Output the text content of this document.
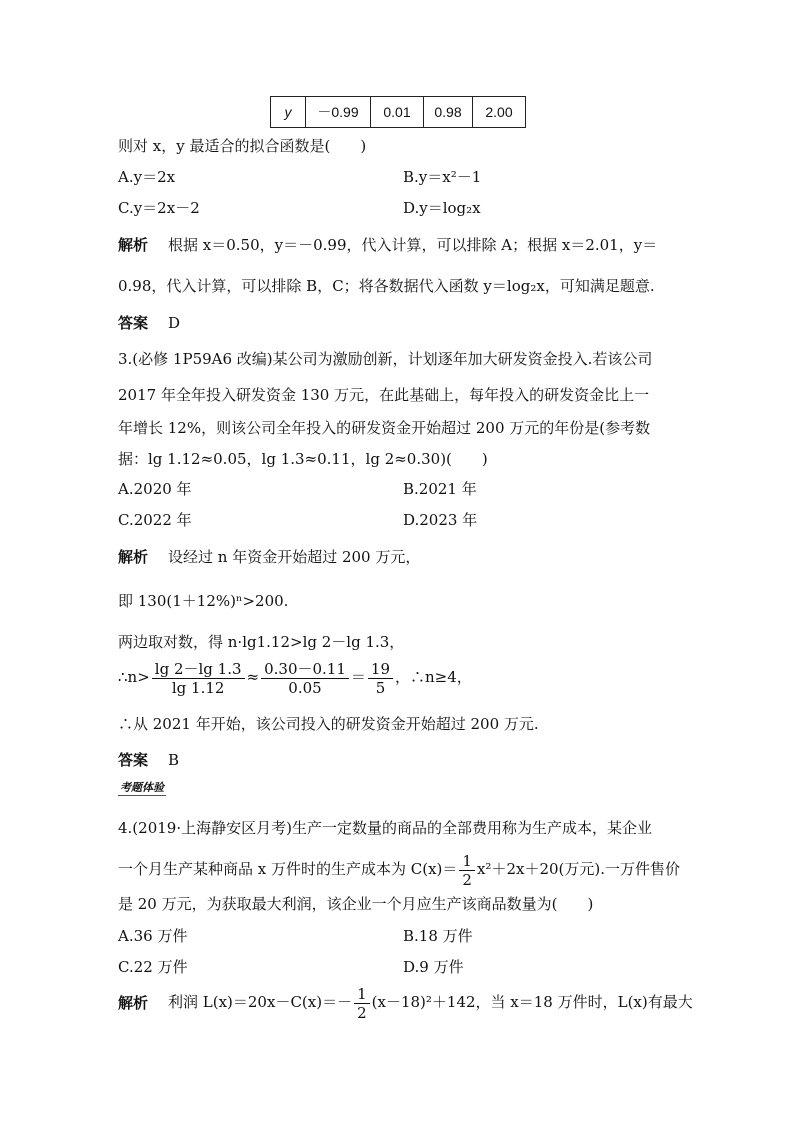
y	－0.99	0.01	0.98	2.00
则对 x，y 最适合的拟合函数是(　　)
A.y＝2x	B.y＝x²－1
C.y＝2x－2	D.y＝log₂x
解析 根据 x＝0.50，y＝－0.99，代入计算，可以排除 A；根据 x＝2.01，y＝
0.98，代入计算，可以排除 B，C；将各数据代入函数 y＝log₂x，可知满足题意.
答案 D
3.(必修 1P59A6 改编)某公司为激励创新，计划逐年加大研发资金投入.若该公司
2017 年全年投入研发资金 130 万元，在此基础上，每年投入的研发资金比上一
年增长 12%，则该公司全年投入的研发资金开始超过 200 万元的年份是(参考数
据：lg 1.12≈0.05，lg 1.3≈0.11，lg 2≈0.30)(　　)
A.2020 年	B.2021 年
C.2022 年	D.2023 年
解析 设经过 n 年资金开始超过 200 万元，
即 130(1＋12%)ⁿ>200.
两边取对数，得 n·lg1.12>lg 2－lg 1.3，
∴n> $\frac{\lg 2-\lg 1.3}{\lg 1.12} \approx \frac{0.30-0.11}{0.05} = \frac{19}{5}$ ，∴n≥4，
∴从 2021 年开始，该公司投入的研发资金开始超过 200 万元.
答案 B
考题体验
4.(2019·上海静安区月考)生产一定数量的商品的全部费用称为生产成本，某企业
一个月生产某种商品 x 万件时的生产成本为 $C(x)= \frac{1}{2} x^2+2x+20$(万元).一万件售价
是 20 万元，为获取最大利润，该企业一个月应生产该商品数量为(　　)
A.36 万件	B.18 万件
C.22 万件	D.9 万件
解析 利润 $L(x)=20x-C(x)=- \frac{1}{2} (x-18)^2+142$，当 x＝18 万件时，L(x)有最大
